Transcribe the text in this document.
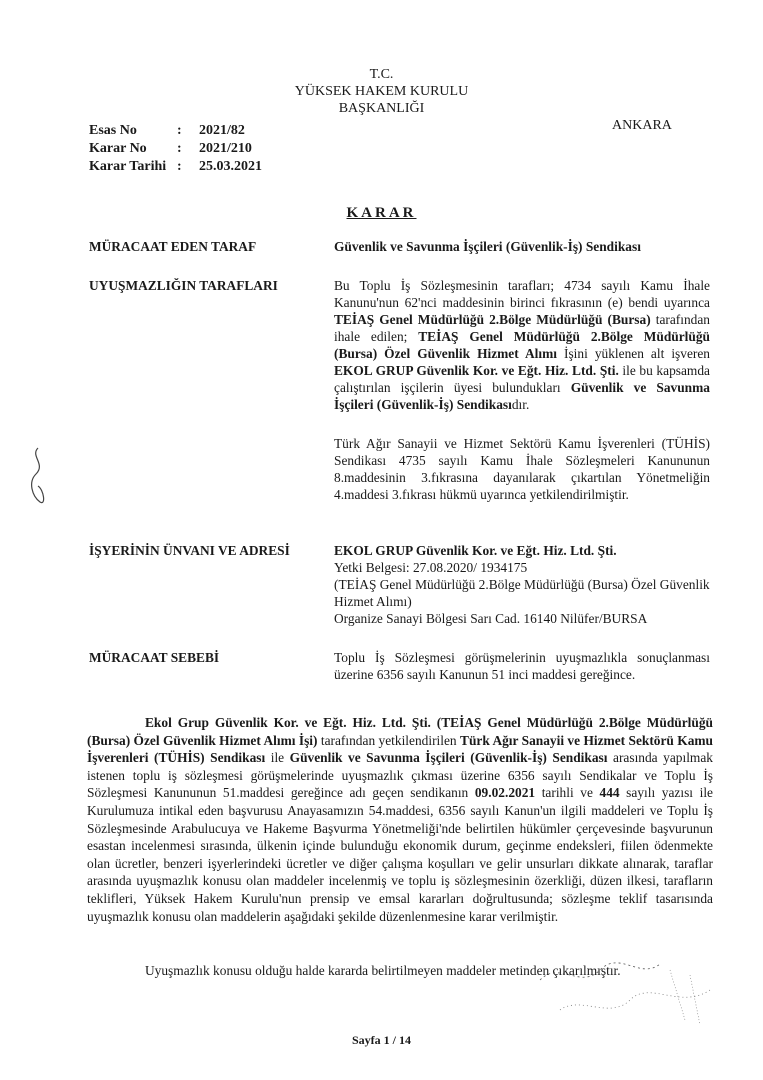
T.C.
YÜKSEK HAKEM KURULU
BAŞKANLIĞI
ANKARA
Esas No	:	2021/82
Karar No	:	2021/210
Karar Tarihi :	25.03.2021
KARAR
MÜRACAAT EDEN TARAF	Güvenlik ve Savunma İşçileri (Güvenlik-İş) Sendikası
UYUŞMAZLIĞIN TARAFLARI	Bu Toplu İş Sözleşmesinin tarafları; 4734 sayılı Kamu İhale Kanunu'nun 62'nci maddesinin birinci fıkrasının (e) bendi uyarınca TEİAŞ Genel Müdürlüğü 2.Bölge Müdürlüğü (Bursa) tarafından ihale edilen; TEİAŞ Genel Müdürlüğü 2.Bölge Müdürlüğü (Bursa) Özel Güvenlik Hizmet Alımı İşini yüklenen alt işveren EKOL GRUP Güvenlik Kor. ve Eğt. Hiz. Ltd. Şti. ile bu kapsamda çalıştırılan işçilerin üyesi bulundukları Güvenlik ve Savunma İşçileri (Güvenlik-İş) Sendikasıdır.
Türk Ağır Sanayii ve Hizmet Sektörü Kamu İşverenleri (TÜHİS) Sendikası 4735 sayılı Kamu İhale Sözleşmeleri Kanununun 8.maddesinin 3.fıkrasına dayanılarak çıkartılan Yönetmeliğin 4.maddesi 3.fıkrası hükmü uyarınca yetkilendirilmiştir.
İŞYERİNİN ÜNVANI VE ADRESİ	EKOL GRUP Güvenlik Kor. ve Eğt. Hiz. Ltd. Şti.
Yetki Belgesi: 27.08.2020/ 1934175
(TEİAŞ Genel Müdürlüğü 2.Bölge Müdürlüğü (Bursa) Özel Güvenlik Hizmet Alımı)
Organize Sanayi Bölgesi Sarı Cad. 16140 Nilüfer/BURSA
MÜRACAAT SEBEBİ	Toplu İş Sözleşmesi görüşmelerinin uyuşmazlıkla sonuçlanması üzerine 6356 sayılı Kanunun 51 inci maddesi gereğince.
Ekol Grup Güvenlik Kor. ve Eğt. Hiz. Ltd. Şti. (TEİAŞ Genel Müdürlüğü 2.Bölge Müdürlüğü (Bursa) Özel Güvenlik Hizmet Alımı İşi) tarafından yetkilendirilen Türk Ağır Sanayii ve Hizmet Sektörü Kamu İşverenleri (TÜHİS) Sendikası ile Güvenlik ve Savunma İşçileri (Güvenlik-İş) Sendikası arasında yapılmak istenen toplu iş sözleşmesi görüşmelerinde uyuşmazlık çıkması üzerine 6356 sayılı Sendikalar ve Toplu İş Sözleşmesi Kanununun 51.maddesi gereğince adı geçen sendikanın 09.02.2021 tarihli ve 444 sayılı yazısı ile Kurulumuza intikal eden başvurusu Anayasamızın 54.maddesi, 6356 sayılı Kanun'un ilgili maddeleri ve Toplu İş Sözleşmesinde Arabulucuya ve Hakeme Başvurma Yönetmeliği'nde belirtilen hükümler çerçevesinde başvurunun esastan incelenmesi sırasında, ülkenin içinde bulunduğu ekonomik durum, geçinme endeksleri, fiilen ödenmekte olan ücretler, benzeri işyerlerindeki ücretler ve diğer çalışma koşulları ve gelir unsurları dikkate alınarak, taraflar arasında uyuşmazlık konusu olan maddeler incelenmiş ve toplu iş sözleşmesinin özerkliği, düzen ilkesi, tarafların teklifleri, Yüksek Hakem Kurulu'nun prensip ve emsal kararları doğrultusunda; sözleşme teklif tasarısında uyuşmazlık konusu olan maddelerin aşağıdaki şekilde düzenlenmesine karar verilmiştir.
Uyuşmazlık konusu olduğu halde kararda belirtilmeyen maddeler metinden çıkarılmıştır.
Sayfa 1 / 14
